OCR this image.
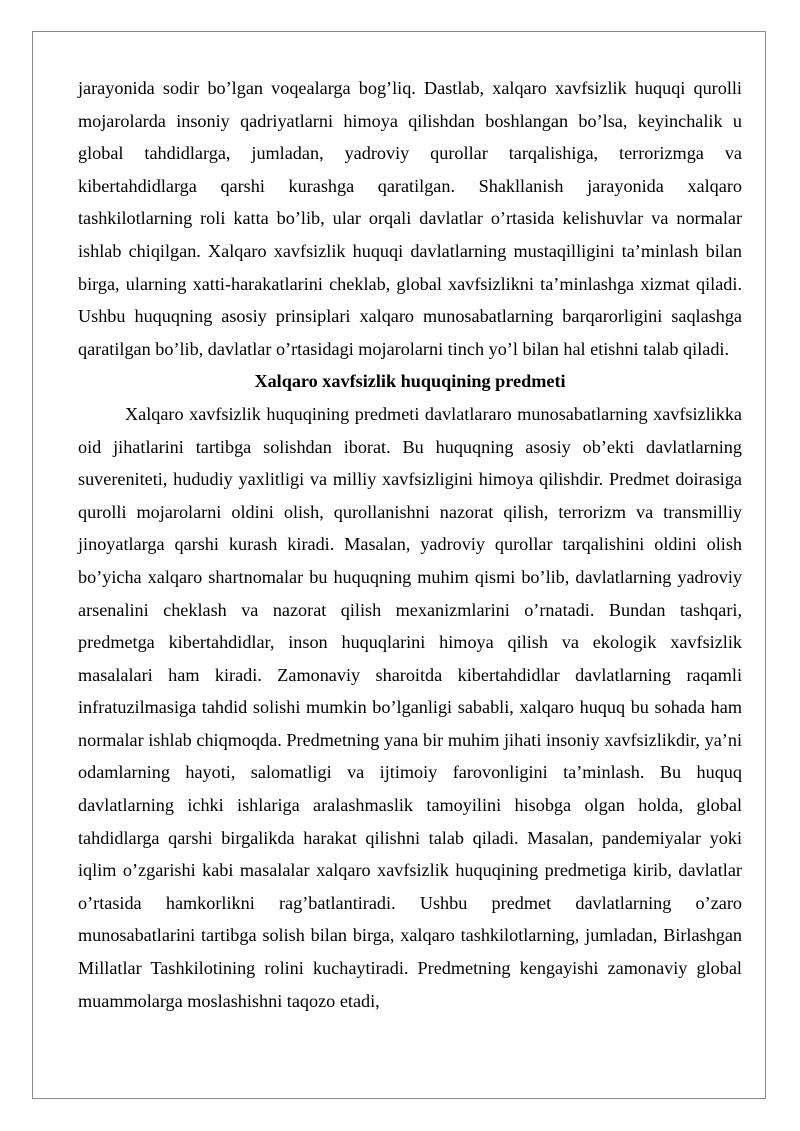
jarayonida sodir bo’lgan voqealarga bog’liq. Dastlab, xalqaro xavfsizlik huquqi qurolli mojarolarda insoniy qadriyatlarni himoya qilishdan boshlangan bo’lsa, keyinchalik u global tahdidlarga, jumladan, yadroviy qurollar tarqalishiga, terrorizmga va kibertahdidlarga qarshi kurashga qaratilgan. Shakllanish jarayonida xalqaro tashkilotlarning roli katta bo’lib, ular orqali davlatlar o’rtasida kelishuvlar va normalar ishlab chiqilgan. Xalqaro xavfsizlik huquqi davlatlarning mustaqilligini ta’minlash bilan birga, ularning xatti-harakatlarini cheklab, global xavfsizlikni ta’minlashga xizmat qiladi. Ushbu huquqning asosiy prinsiplari xalqaro munosabatlarning barqarorligini saqlashga qaratilgan bo’lib, davlatlar o’rtasidagi mojarolarni tinch yo’l bilan hal etishni talab qiladi.

Xalqaro xavfsizlik huquqining predmeti

Xalqaro xavfsizlik huquqining predmeti davlatlararo munosabatlarning xavfsizlikka oid jihatlarini tartibga solishdan iborat. Bu huquqning asosiy ob’ekti davlatlarning suvereniteti, hududiy yaxlitligi va milliy xavfsizligini himoya qilishdir. Predmet doirasiga qurolli mojarolarni oldini olish, qurollanishni nazorat qilish, terrorizm va transmilliy jinoyatlarga qarshi kurash kiradi. Masalan, yadroviy qurollar tarqalishini oldini olish bo’yicha xalqaro shartnomalar bu huquqning muhim qismi bo’lib, davlatlarning yadroviy arsenalini cheklash va nazorat qilish mexanizmlarini o’rnatadi. Bundan tashqari, predmetga kibertahdidlar, inson huquqlarini himoya qilish va ekologik xavfsizlik masalalari ham kiradi. Zamonaviy sharoitda kibertahdidlar davlatlarning raqamli infratuzilmasiga tahdid solishi mumkin bo’lganligi sababli, xalqaro huquq bu sohada ham normalar ishlab chiqmoqda. Predmetning yana bir muhim jihati insoniy xavfsizlikdir, ya’ni odamlarning hayoti, salomatligi va ijtimoiy farovonligini ta’minlash. Bu huquq davlatlarning ichki ishlariga aralashmaslik tamoyilini hisobga olgan holda, global tahdidlarga qarshi birgalikda harakat qilishni talab qiladi. Masalan, pandemiyalar yoki iqlim o’zgarishi kabi masalalar xalqaro xavfsizlik huquqining predmetiga kirib, davlatlar o’rtasida hamkorlikni rag’batlantiradi. Ushbu predmet davlatlarning o’zaro munosabatlarini tartibga solish bilan birga, xalqaro tashkilotlarning, jumladan, Birlashgan Millatlar Tashkilotining rolini kuchaytiradi. Predmetning kengayishi zamonaviy global muammolarga moslashishni taqozo etadi,
